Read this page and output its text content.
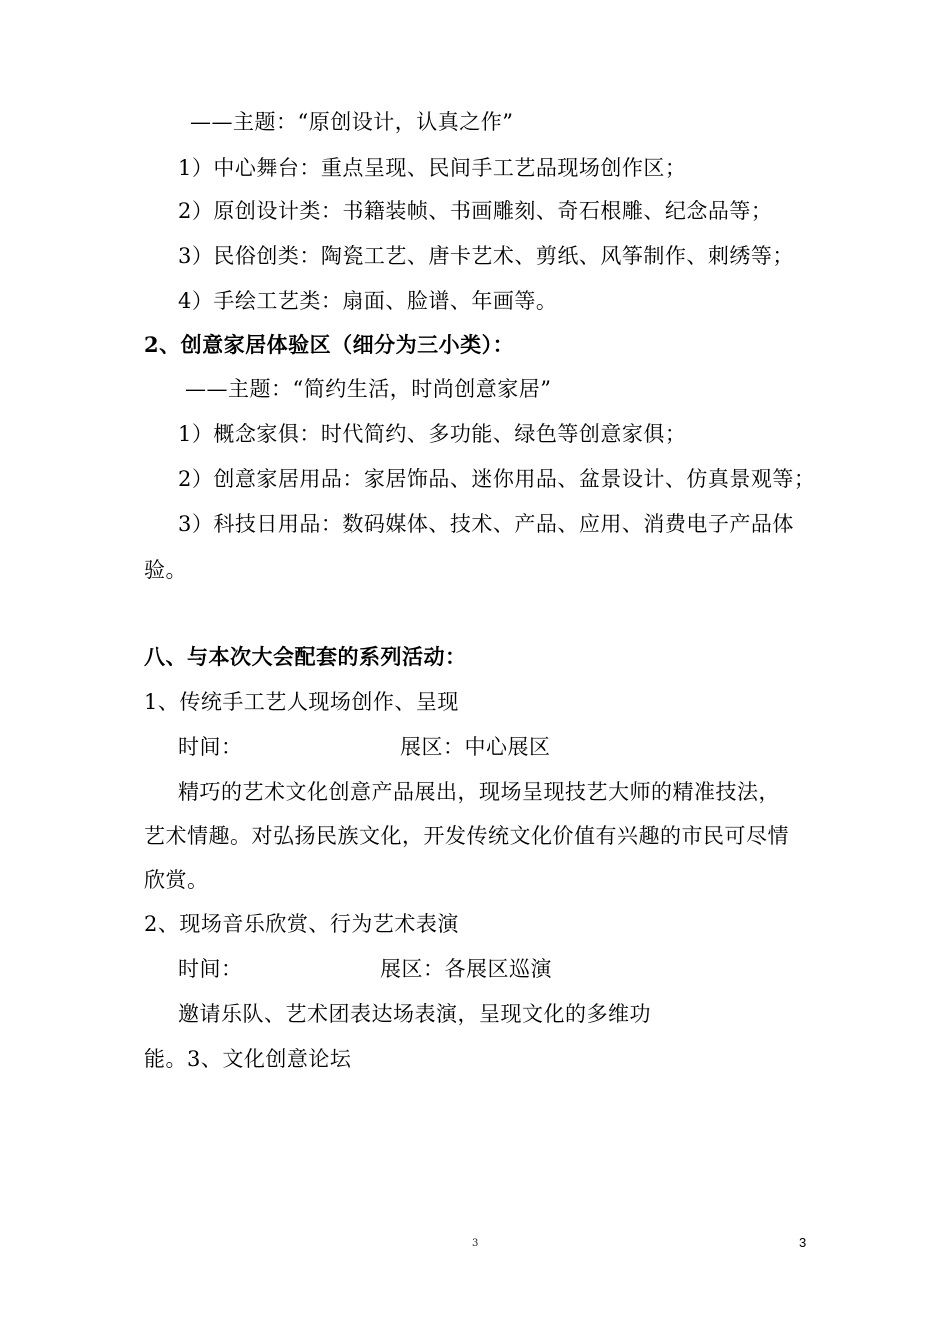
——主题：“原创设计，认真之作”
1）中心舞台：重点呈现、民间手工艺品现场创作区；
2）原创设计类：书籍装帧、书画雕刻、奇石根雕、纪念品等；
3）民俗创类：陶瓷工艺、唐卡艺术、剪纸、风筝制作、刺绣等；
4）手绘工艺类：扇面、脸谱、年画等。
2、创意家居体验区（细分为三小类）：
——主题：“简约生活，时尚创意家居”
1）概念家俱：时代简约、多功能、绿色等创意家俱；
2）创意家居用品：家居饰品、迷你用品、盆景设计、仿真景观等；
3）科技日用品：数码媒体、技术、产品、应用、消费电子产品体
验。
八、与本次大会配套的系列活动：
1、传统手工艺人现场创作、呈现
时间：	展区：中心展区
精巧的艺术文化创意产品展出，现场呈现技艺大师的精准技法，
艺术情趣。对弘扬民族文化，开发传统文化价值有兴趣的市民可尽情
欣赏。
2、现场音乐欣赏、行为艺术表演
时间：	展区：各展区巡演
邀请乐队、艺术团表达场表演，呈现文化的多维功
能。3、文化创意论坛
3	3
